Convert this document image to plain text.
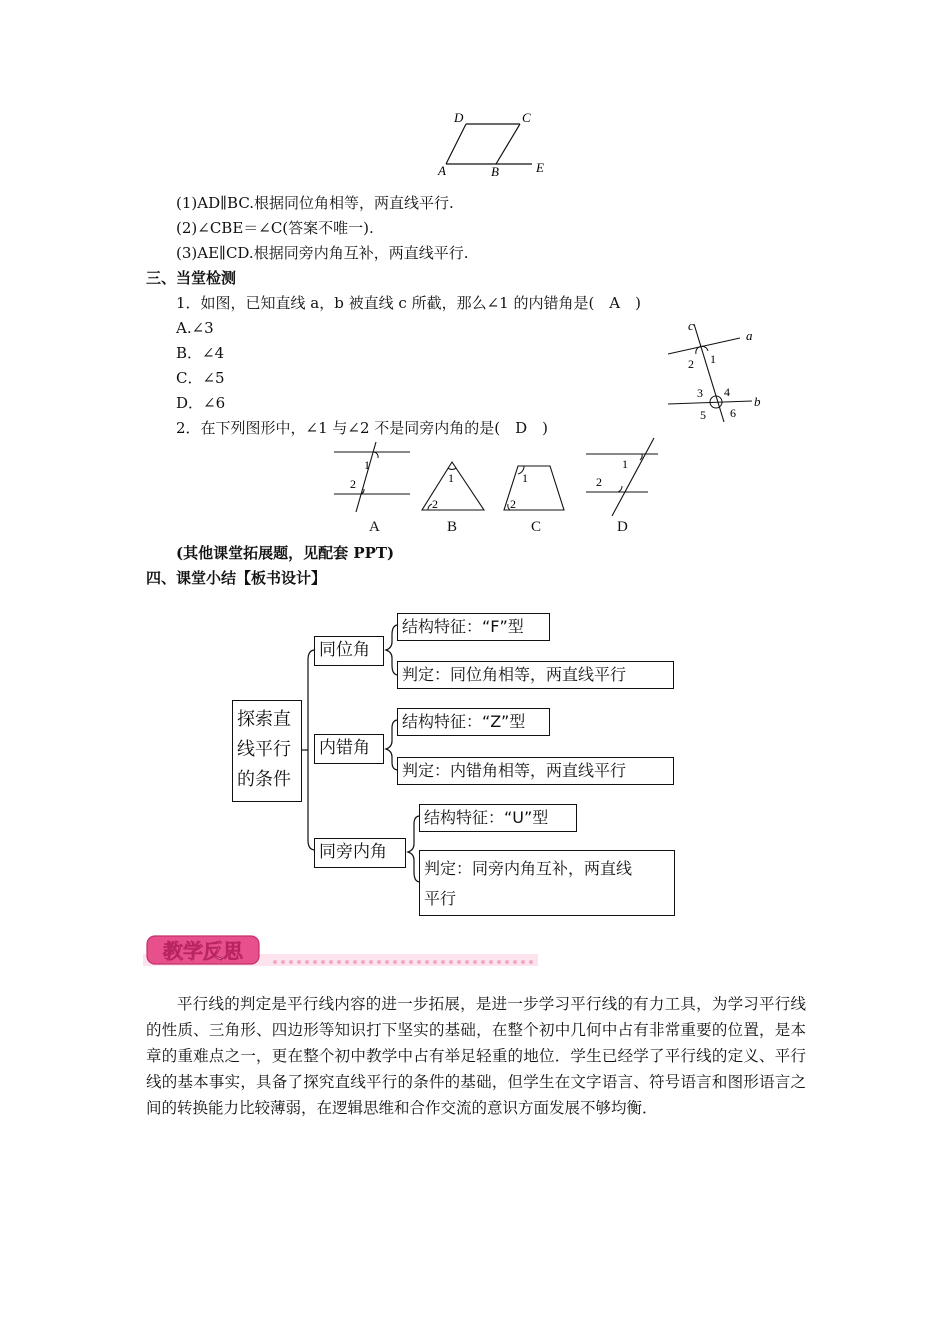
D	C
A	B	E
(1)AD∥BC.根据同位角相等，两直线平行.
(2)∠CBE＝∠C(答案不唯一).
(3)AE∥CD.根据同旁内角互补，两直线平行.
三、当堂检测
1．如图，已知直线 a，b 被直线 c 所截，那么∠1 的内错角是(　A　)
A.∠3
B．∠4
C．∠5
D．∠6
c
a
b
1
2
3 4
5 6
2．在下列图形中，∠1 与∠2 不是同旁内角的是(　D　)
1
2	1
2
1
2
1
2
A	B	C	D
(其他课堂拓展题，见配套 PPT)
四、课堂小结【板书设计】
探索直
线平行
的条件
同位角
结构特征：“F”型
判定：同位角相等，两直线平行
内错角
结构特征：“Z”型
判定：内错角相等，两直线平行
同旁内角
结构特征：“U”型
判定：同旁内角互补，两直线
平行
教学反思
平行线的判定是平行线内容的进一步拓展，是进一步学习平行线的有力工具，为学习平行线的性质、三角形、四边形等知识打下坚实的基础，在整个初中几何中占有非常重要的位置，是本章的重难点之一，更在整个初中教学中占有举足轻重的地位．学生已经学了平行线的定义、平行线的基本事实，具备了探究直线平行的条件的基础，但学生在文字语言、符号语言和图形语言之间的转换能力比较薄弱，在逻辑思维和合作交流的意识方面发展不够均衡．
